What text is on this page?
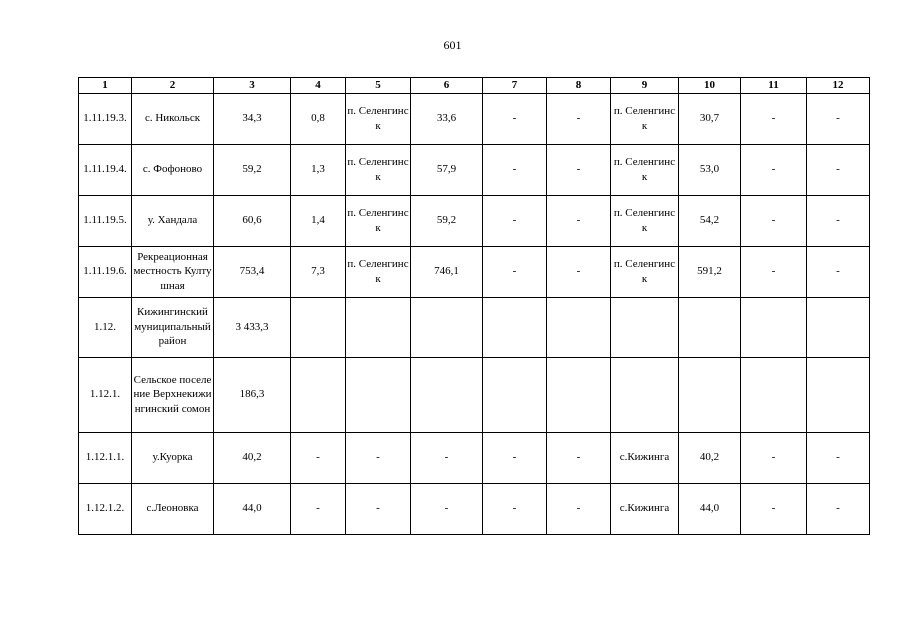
601
1	2	3	4	5	6	7	8	9	10	11	12
1.11.19.3.	с. Никольск	34,3	0,8	п. Селенгинск	33,6	-	-	п. Селенгинск	30,7	-	-
1.11.19.4.	с. Фофоново	59,2	1,3	п. Селенгинск	57,9	-	-	п. Селенгинск	53,0	-	-
1.11.19.5.	у. Хандала	60,6	1,4	п. Селенгинск	59,2	-	-	п. Селенгинск	54,2	-	-
1.11.19.6.	Рекреационная местность Култушная	753,4	7,3	п. Селенгинск	746,1	-	-	п. Селенгинск	591,2	-	-
1.12.	Кижингинский муниципальный район	3 433,3									
1.12.1.	Сельское поселение Верхнекижингинский сомон	186,3									
1.12.1.1.	у.Куорка	40,2	-	-	-	-	-	с.Кижинга	40,2	-	-
1.12.1.2.	с.Леоновка	44,0	-	-	-	-	-	с.Кижинга	44,0	-	-
